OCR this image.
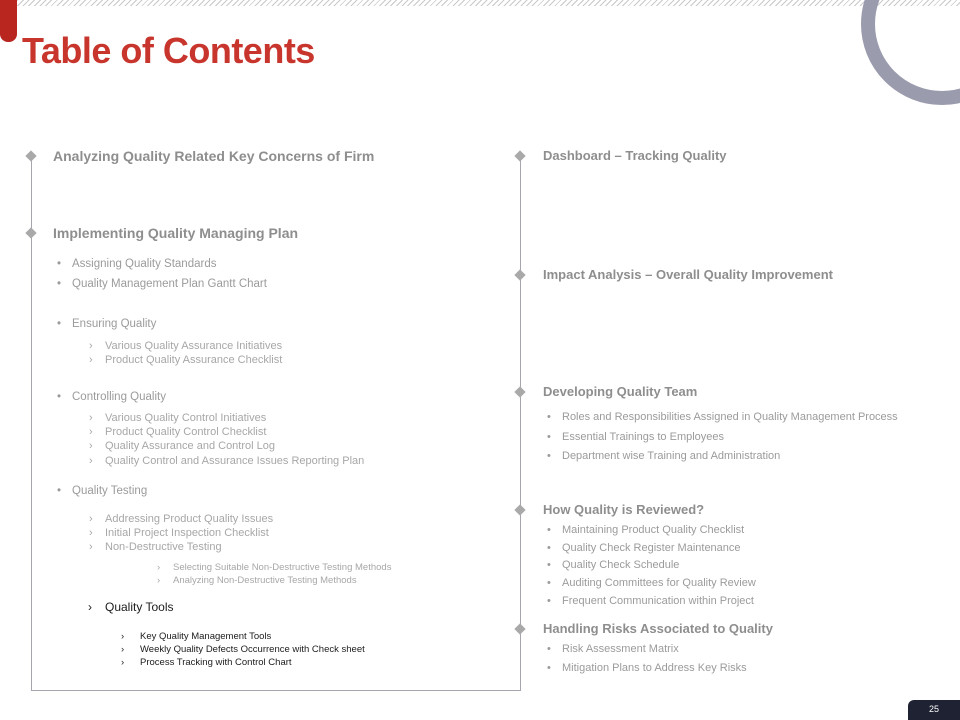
Table of Contents
Analyzing Quality Related Key Concerns of Firm
Implementing Quality Managing Plan
• Assigning Quality Standards
• Quality Management Plan Gantt Chart
• Ensuring Quality
› Various Quality Assurance Initiatives
› Product Quality Assurance Checklist
• Controlling Quality
› Various Quality Control Initiatives
› Product Quality Control Checklist
› Quality Assurance and Control Log
› Quality Control and Assurance Issues Reporting Plan
• Quality Testing
› Addressing Product Quality Issues
› Initial Project Inspection Checklist
› Non-Destructive Testing
› Selecting Suitable Non-Destructive Testing Methods
› Analyzing Non-Destructive Testing Methods
› Quality Tools
› Key Quality Management Tools
› Weekly Quality Defects Occurrence with Check sheet
› Process Tracking with Control Chart
Dashboard – Tracking Quality
Impact Analysis – Overall Quality Improvement
Developing Quality Team
• Roles and Responsibilities Assigned in Quality Management Process
• Essential Trainings to Employees
• Department wise Training and Administration
How Quality is Reviewed?
• Maintaining Product Quality Checklist
• Quality Check Register Maintenance
• Quality Check Schedule
• Auditing Committees for Quality Review
• Frequent Communication within Project
Handling Risks Associated to Quality
• Risk Assessment Matrix
• Mitigation Plans to Address Key Risks
25
